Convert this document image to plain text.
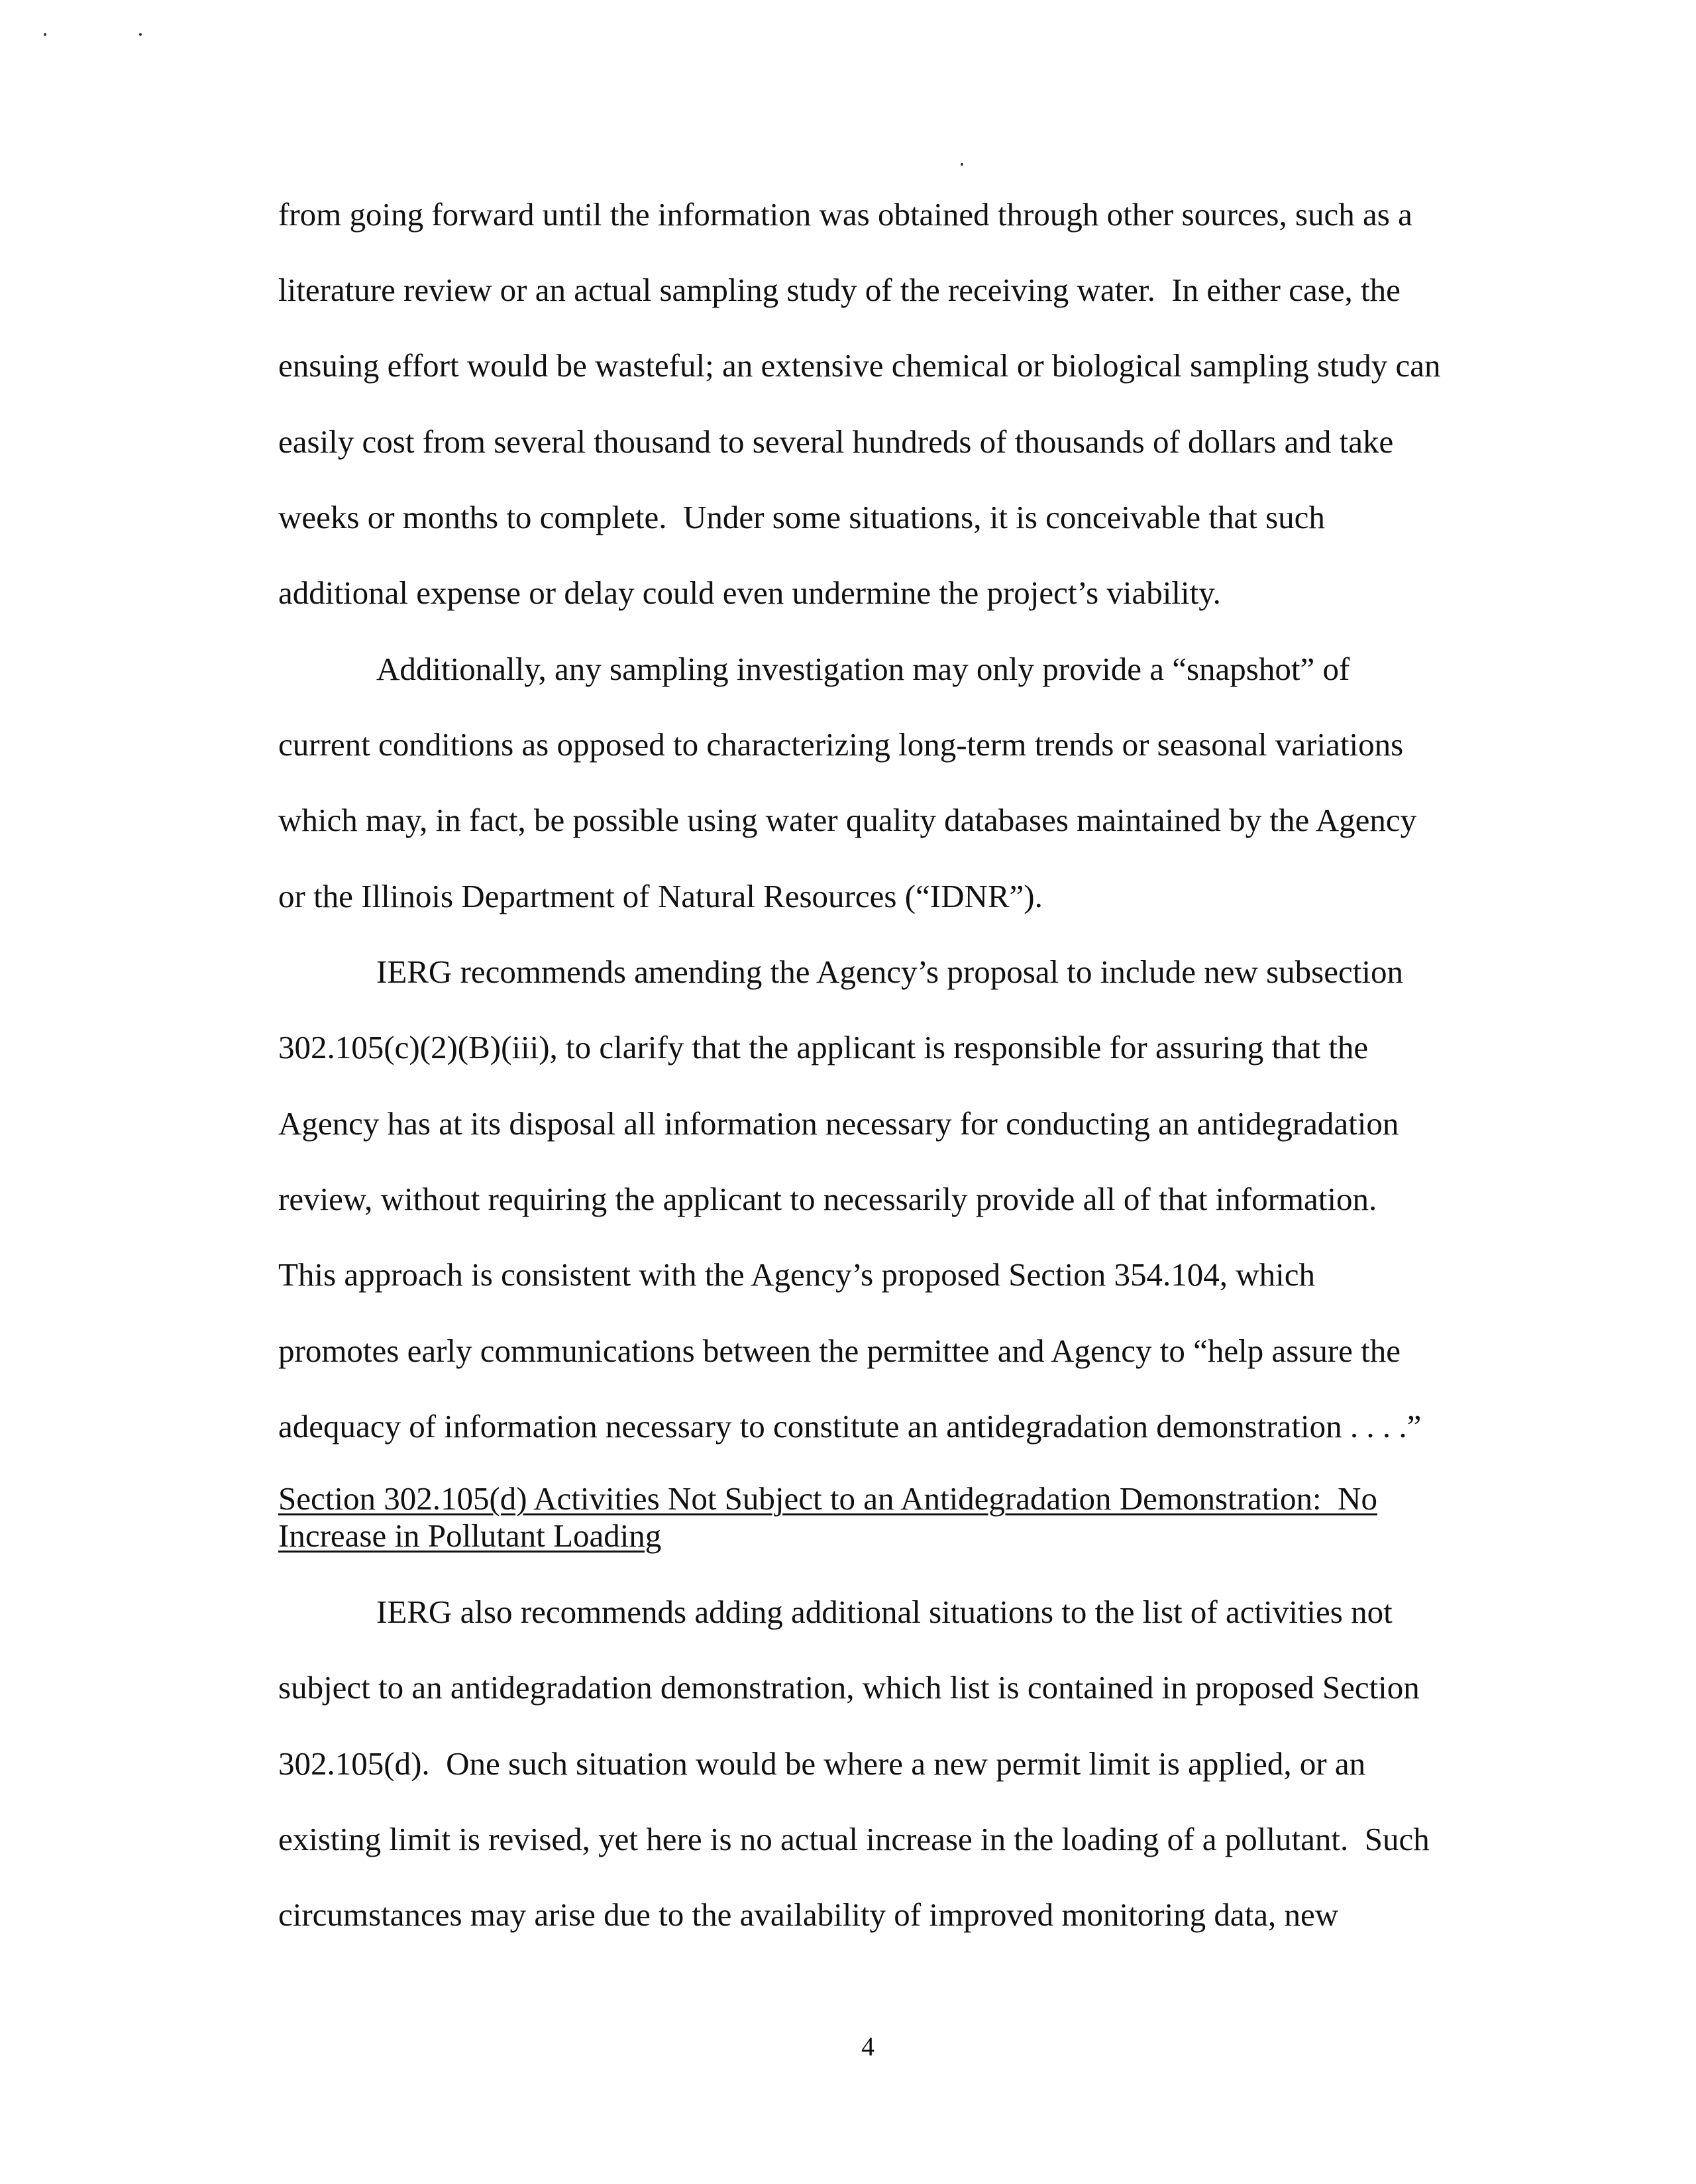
from going forward until the information was obtained through other sources, such as a

literature review or an actual sampling study of the receiving water.  In either case, the

ensuing effort would be wasteful; an extensive chemical or biological sampling study can

easily cost from several thousand to several hundreds of thousands of dollars and take

weeks or months to complete.  Under some situations, it is conceivable that such

additional expense or delay could even undermine the project’s viability.

Additionally, any sampling investigation may only provide a “snapshot” of

current conditions as opposed to characterizing long-term trends or seasonal variations

which may, in fact, be possible using water quality databases maintained by the Agency

or the Illinois Department of Natural Resources (“IDNR”).

IERG recommends amending the Agency’s proposal to include new subsection

302.105(c)(2)(B)(iii), to clarify that the applicant is responsible for assuring that the

Agency has at its disposal all information necessary for conducting an antidegradation

review, without requiring the applicant to necessarily provide all of that information.

This approach is consistent with the Agency’s proposed Section 354.104, which

promotes early communications between the permittee and Agency to “help assure the

adequacy of information necessary to constitute an antidegradation demonstration . . . .”

Section 302.105(d) Activities Not Subject to an Antidegradation Demonstration:  No

Increase in Pollutant Loading

IERG also recommends adding additional situations to the list of activities not

subject to an antidegradation demonstration, which list is contained in proposed Section

302.105(d).  One such situation would be where a new permit limit is applied, or an

existing limit is revised, yet here is no actual increase in the loading of a pollutant.  Such

circumstances may arise due to the availability of improved monitoring data, new

4
